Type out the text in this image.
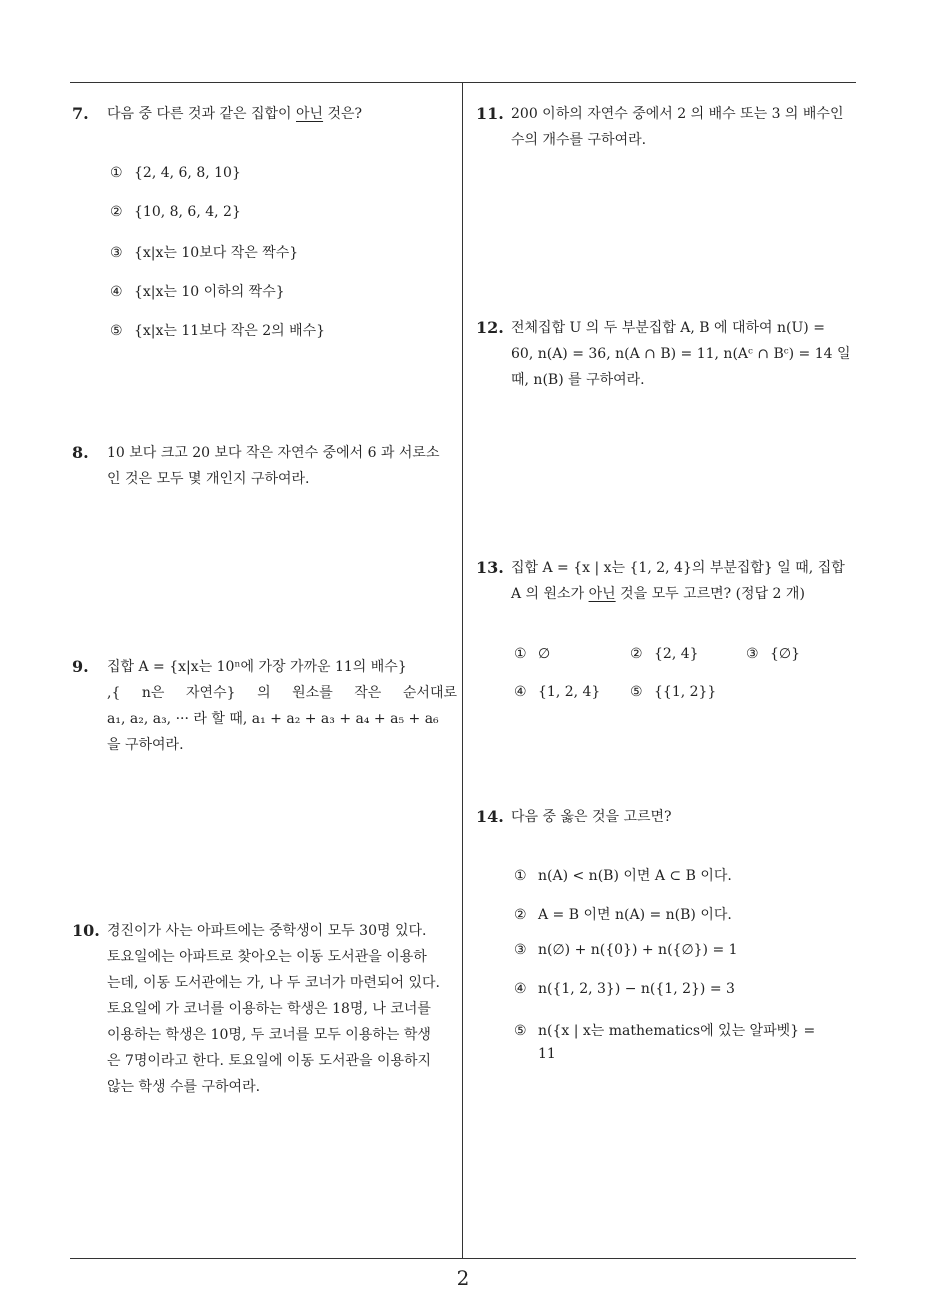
7. 다음 중 다른 것과 같은 집합이 아닌 것은?
① {2, 4, 6, 8, 10}
② {10, 8, 6, 4, 2}
③ {x|x는 10보다 작은 짝수}
④ {x|x는 10 이하의 짝수}
⑤ {x|x는 11보다 작은 2의 배수}
8. 10 보다 크고 20 보다 작은 자연수 중에서 6 과 서로소
인 것은 모두 몇 개인지 구하여라.
9. 집합 A = {x|x는 10ⁿ에 가장 가까운 11의 배수}
,{ n은 자연수} 의 원소를 작은 순서대로
a₁, a₂, a₃, ··· 라 할 때, a₁ + a₂ + a₃ + a₄ + a₅ + a₆
을 구하여라.
10. 경진이가 사는 아파트에는 중학생이 모두 30명 있다.
토요일에는 아파트로 찾아오는 이동 도서관을 이용하
는데, 이동 도서관에는 가, 나 두 코너가 마련되어 있다.
토요일에 가 코너를 이용하는 학생은 18명, 나 코너를
이용하는 학생은 10명, 두 코너를 모두 이용하는 학생
은 7명이라고 한다. 토요일에 이동 도서관을 이용하지
않는 학생 수를 구하여라.
11. 200 이하의 자연수 중에서 2 의 배수 또는 3 의 배수인
수의 개수를 구하여라.
12. 전체집합 U 의 두 부분집합 A, B 에 대하여 n(U) =
60, n(A) = 36, n(A ∩ B) = 11, n(Aᶜ ∩ Bᶜ) = 14 일
때, n(B) 를 구하여라.
13. 집합 A = {x | x는 {1, 2, 4}의 부분집합} 일 때, 집합
A 의 원소가 아닌 것을 모두 고르면? (정답 2 개)
① ∅	② {2, 4}	③ {∅}
④ {1, 2, 4} ⑤ {{1, 2}}
14. 다음 중 옳은 것을 고르면?
① n(A) < n(B) 이면 A ⊂ B 이다.
② A = B 이면 n(A) = n(B) 이다.
③ n(∅) + n({0}) + n({∅}) = 1
④ n({1, 2, 3}) − n({1, 2}) = 3
⑤ n({x | x는 mathematics에 있는 알파벳} =
11
2
